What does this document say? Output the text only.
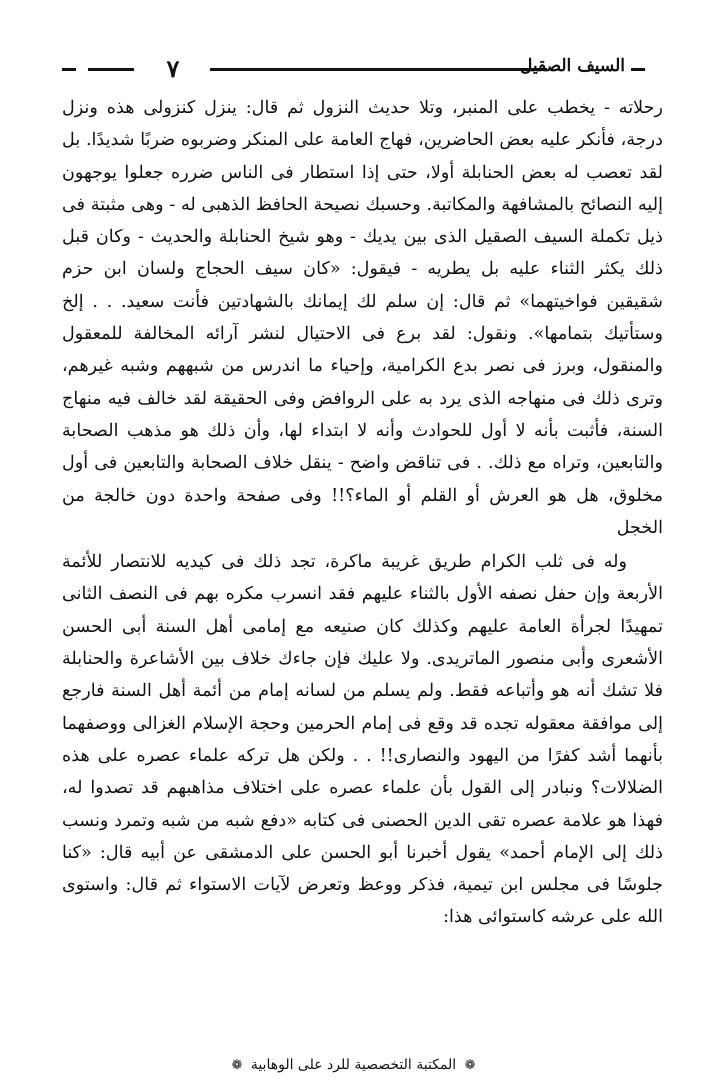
٧	السيف الصقيل

رحلاته - يخطب على المنبر، وتلا حديث النزول ثم قال: ينزل كنزولى هذه ونزل درجة، فأنكر عليه بعض الحاضرين، فهاج العامة على المنكر وضربوه ضربًا شديدًا. بل لقد تعصب له بعض الحنابلة أولا، حتى إذا استطار فى الناس ضرره جعلوا يوجهون إليه النصائح بالمشافهة والمكاتبة. وحسبك نصيحة الحافظ الذهبى له - وهى مثبتة فى ذيل تكملة السيف الصقيل الذى بين يديك - وهو شيخ الحنابلة والحديث - وكان قبل ذلك يكثر الثناء عليه بل يطريه - فيقول: «كان سيف الحجاج ولسان ابن حزم شقيقين فواخيتهما» ثم قال: إن سلم لك إيمانك بالشهادتين فأنت سعيد. . . إلخ وستأتيك بتمامها». ونقول: لقد برع فى الاحتيال لنشر آرائه المخالفة للمعقول والمنقول، وبرز فى نصر بدع الكرامية، وإحياء ما اندرس من شبههم وشبه غيرهم، وترى ذلك فى منهاجه الذى يرد به على الروافض وفى الحقيقة لقد خالف فيه منهاج السنة، فأثبت بأنه لا أول للحوادث وأنه لا ابتداء لها، وأن ذلك هو مذهب الصحابة والتابعين، وتراه مع ذلك. . فى تناقض واضح - ينقل خلاف الصحابة والتابعين فى أول مخلوق، هل هو العرش أو القلم أو الماء؟!! وفى صفحة واحدة دون خالجة من الخجل

وله فى ثلب الكرام طريق غريبة ماكرة، تجد ذلك فى كيديه للانتصار للأئمة الأربعة وإن حفل نصفه الأول بالثناء عليهم فقد انسرب مكره بهم فى النصف الثانى تمهيدًا لجرأة العامة عليهم وكذلك كان صنيعه مع إمامى أهل السنة أبى الحسن الأشعرى وأبى منصور الماتريدى. ولا عليك فإن جاءك خلاف بين الأشاعرة والحنابلة فلا تشك أنه هو وأتباعه فقط. ولم يسلم من لسانه إمام من أئمة أهل السنة فارجع إلى موافقة معقوله تجده قد وقع فى إمام الحرمين وحجة الإسلام الغزالى ووصفهما بأنهما أشد كفرًا من اليهود والنصارى!! . . ولكن هل تركه علماء عصره على هذه الضلالات؟ ونبادر إلى القول بأن علماء عصره على اختلاف مذاهبهم قد تصدوا له، فهذا هو علامة عصره تقى الدين الحصنى فى كتابه «دفع شبه من شبه وتمرد ونسب ذلك إلى الإمام أحمد» يقول أخبرنا أبو الحسن على الدمشقى عن أبيه قال: «كنا جلوسًا فى مجلس ابن تيمية، فذكر ووعظ وتعرض لآيات الاستواء ثم قال: واستوى الله على عرشه كاستوائى هذا:

❁ المكتبة التخصصية للرد على الوهابية ❁
